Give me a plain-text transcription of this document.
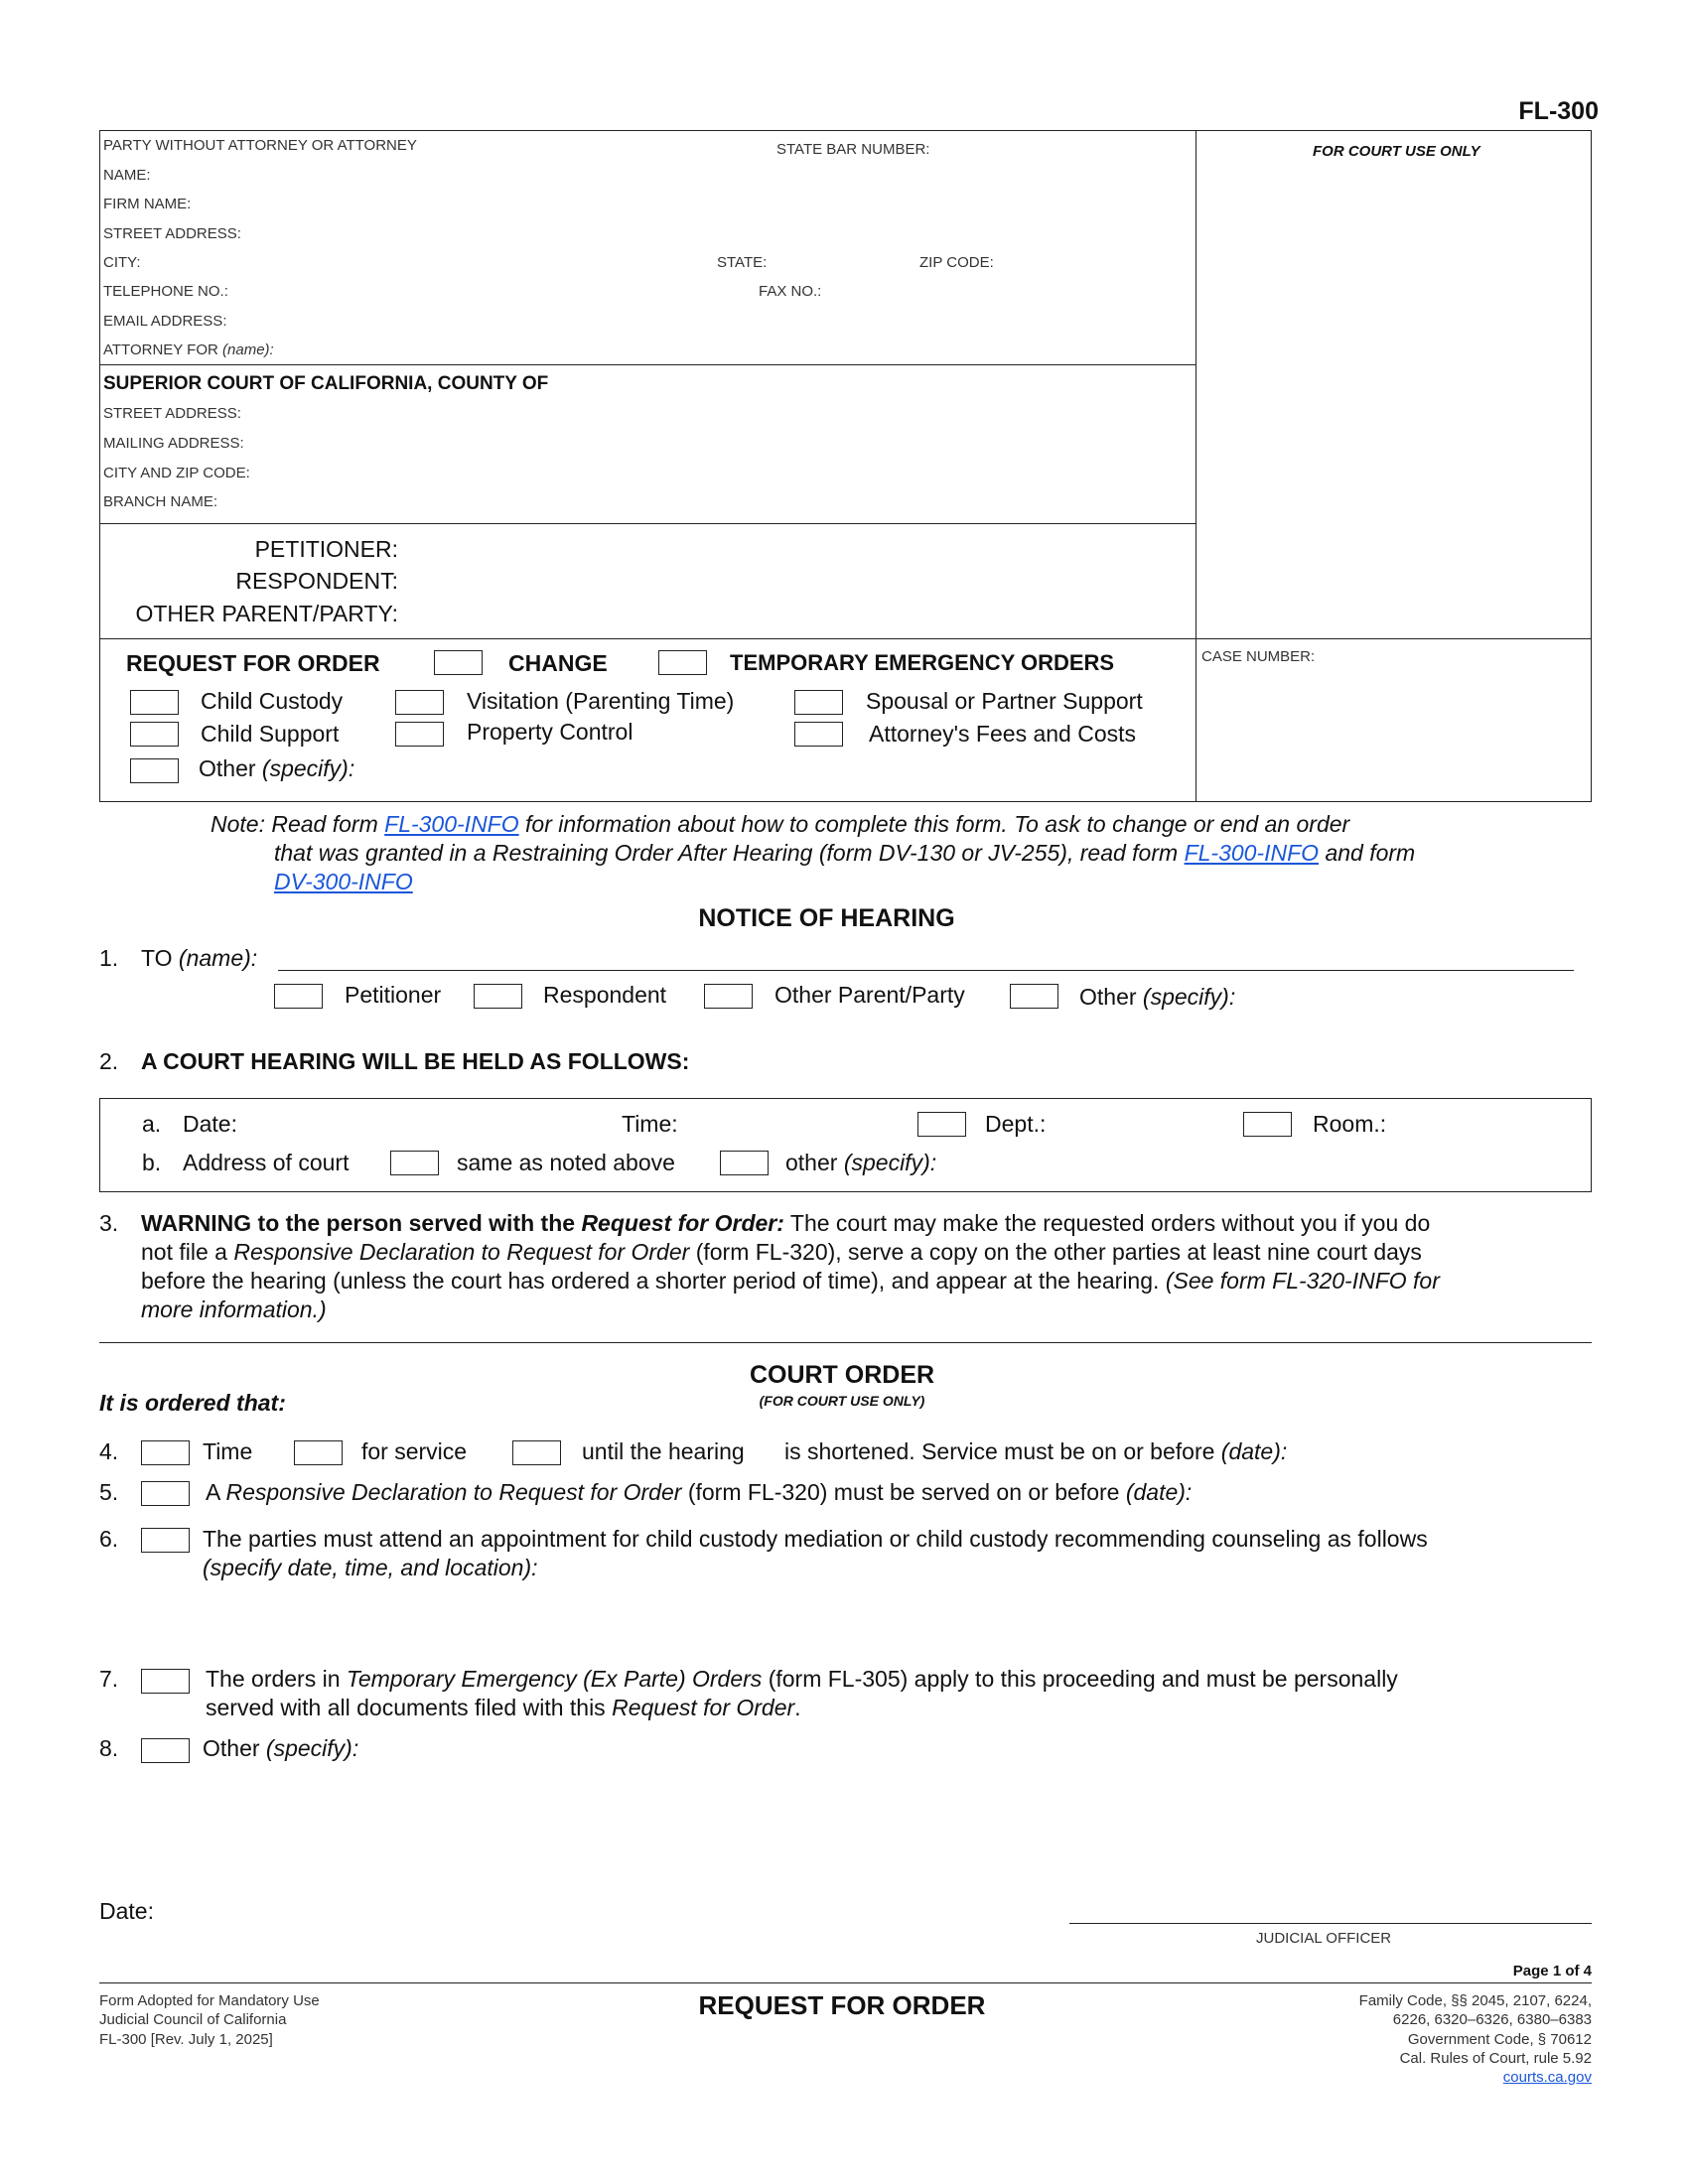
FL-300
FOR COURT USE ONLY
PARTY WITHOUT ATTORNEY OR ATTORNEY	STATE BAR NUMBER:
NAME:
FIRM NAME:
STREET ADDRESS:
CITY:	STATE:	ZIP CODE:
TELEPHONE NO.:	FAX NO.:
EMAIL ADDRESS:
ATTORNEY FOR (name):
SUPERIOR COURT OF CALIFORNIA, COUNTY OF
STREET ADDRESS:
MAILING ADDRESS:
CITY AND ZIP CODE:
BRANCH NAME:
PETITIONER:
RESPONDENT:
OTHER PARENT/PARTY:
REQUEST FOR ORDER	CHANGE	TEMPORARY EMERGENCY ORDERS
Child Custody	Visitation (Parenting Time)	Spousal or Partner Support
Child Support	Property Control	Attorney's Fees and Costs
Other (specify):
CASE NUMBER:
Note: Read form FL-300-INFO for information about how to complete this form. To ask to change or end an order
that was granted in a Restraining Order After Hearing (form DV-130 or JV-255), read form FL-300-INFO and form
DV-300-INFO
NOTICE OF HEARING
1. TO (name):
Petitioner	Respondent	Other Parent/Party	Other (specify):
2. A COURT HEARING WILL BE HELD AS FOLLOWS:
a. Date:	Time:	Dept.:	Room.:
b. Address of court	same as noted above	other (specify):
3. WARNING to the person served with the Request for Order: The court may make the requested orders without you if you do
not file a Responsive Declaration to Request for Order (form FL-320), serve a copy on the other parties at least nine court days
before the hearing (unless the court has ordered a shorter period of time), and appear at the hearing. (See form FL-320-INFO for
more information.)
COURT ORDER
(FOR COURT USE ONLY)
It is ordered that:
4.	Time	for service	until the hearing is shortened. Service must be on or before (date):
5.	A Responsive Declaration to Request for Order (form FL-320) must be served on or before (date):
6.	The parties must attend an appointment for child custody mediation or child custody recommending counseling as follows
(specify date, time, and location):
7.	The orders in Temporary Emergency (Ex Parte) Orders (form FL-305) apply to this proceeding and must be personally
served with all documents filed with this Request for Order.
8.	Other (specify):
Date:
JUDICIAL OFFICER
Page 1 of 4
Form Adopted for Mandatory Use
Judicial Council of California
FL-300 [Rev. July 1, 2025]
REQUEST FOR ORDER	Family Code, §§ 2045, 2107, 6224,
6226, 6320–6326, 6380–6383
Government Code, § 70612
Cal. Rules of Court, rule 5.92
courts.ca.gov
